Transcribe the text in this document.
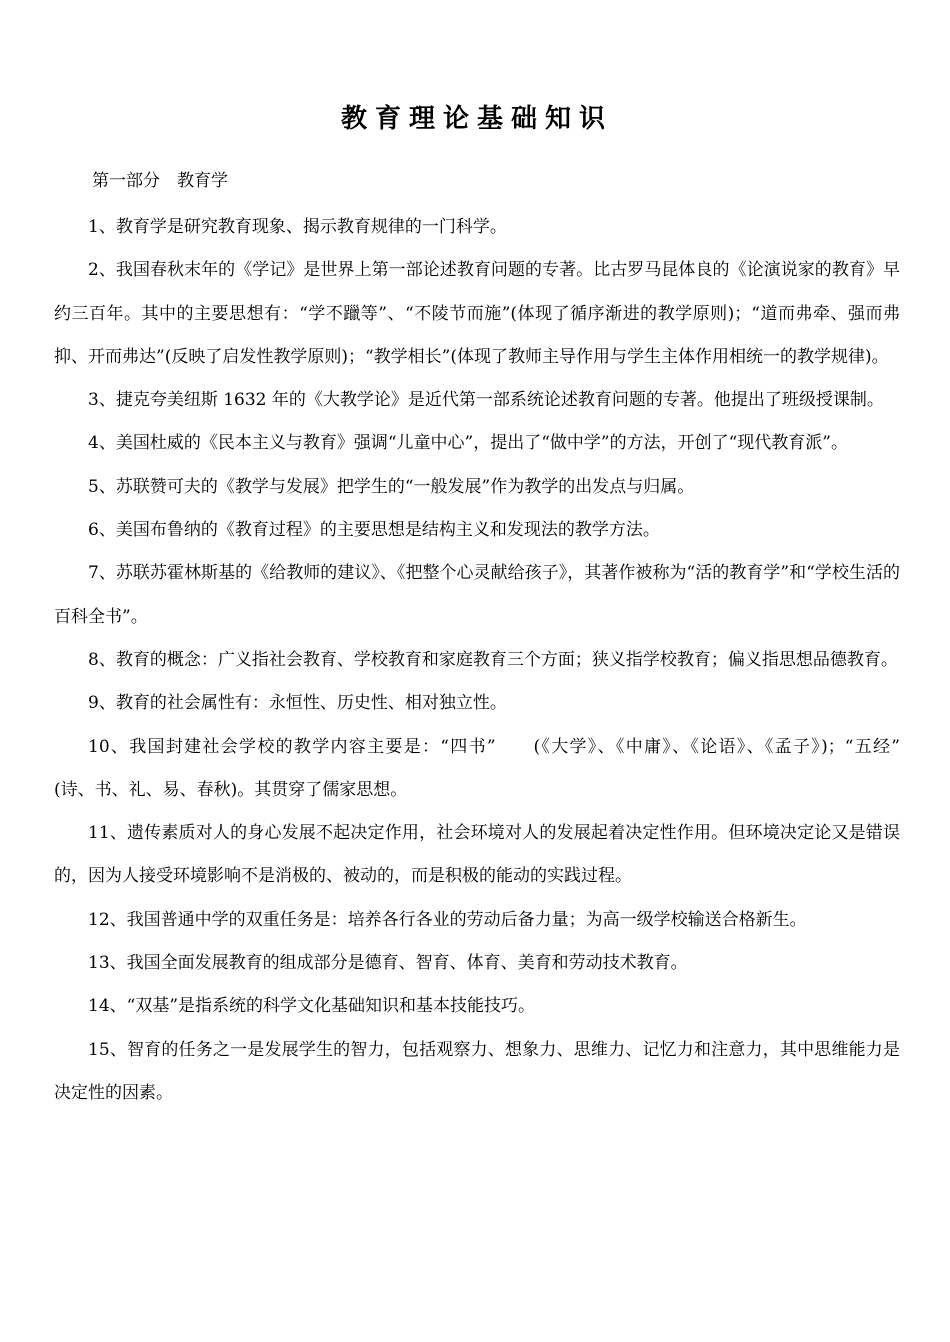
教育理论基础知识
第一部分　教育学

1、教育学是研究教育现象、揭示教育规律的一门科学。

2、我国春秋末年的《学记》是世界上第一部论述教育问题的专著。比古罗马昆体良的《论演说家的教育》早约三百年。其中的主要思想有：“学不躐等”、“不陵节而施”(体现了循序渐进的教学原则)；“道而弗牵、强而弗抑、开而弗达”(反映了启发性教学原则)；“教学相长”(体现了教师主导作用与学生主体作用相统一的教学规律)。

3、捷克夸美纽斯 1632 年的《大教学论》是近代第一部系统论述教育问题的专著。他提出了班级授课制。

4、美国杜威的《民本主义与教育》强调“儿童中心”，提出了“做中学”的方法，开创了“现代教育派”。

5、苏联赞可夫的《教学与发展》把学生的“一般发展”作为教学的出发点与归属。

6、美国布鲁纳的《教育过程》的主要思想是结构主义和发现法的教学方法。

7、苏联苏霍林斯基的《给教师的建议》、《把整个心灵献给孩子》，其著作被称为“活的教育学”和“学校生活的百科全书”。

8、教育的概念：广义指社会教育、学校教育和家庭教育三个方面；狭义指学校教育；偏义指思想品德教育。

9、教育的社会属性有：永恒性、历史性、相对独立性。

10、我国封建社会学校的教学内容主要是：“四书”　　(《大学》、《中庸》、《论语》、《孟子》)；“五经”　　(诗、书、礼、易、春秋)。其贯穿了儒家思想。

11、遗传素质对人的身心发展不起决定作用，社会环境对人的发展起着决定性作用。但环境决定论又是错误的，因为人接受环境影响不是消极的、被动的，而是积极的能动的实践过程。

12、我国普通中学的双重任务是：培养各行各业的劳动后备力量；为高一级学校输送合格新生。

13、我国全面发展教育的组成部分是德育、智育、体育、美育和劳动技术教育。

14、“双基”是指系统的科学文化基础知识和基本技能技巧。

15、智育的任务之一是发展学生的智力，包括观察力、想象力、思维力、记忆力和注意力，其中思维能力是决定性的因素。
